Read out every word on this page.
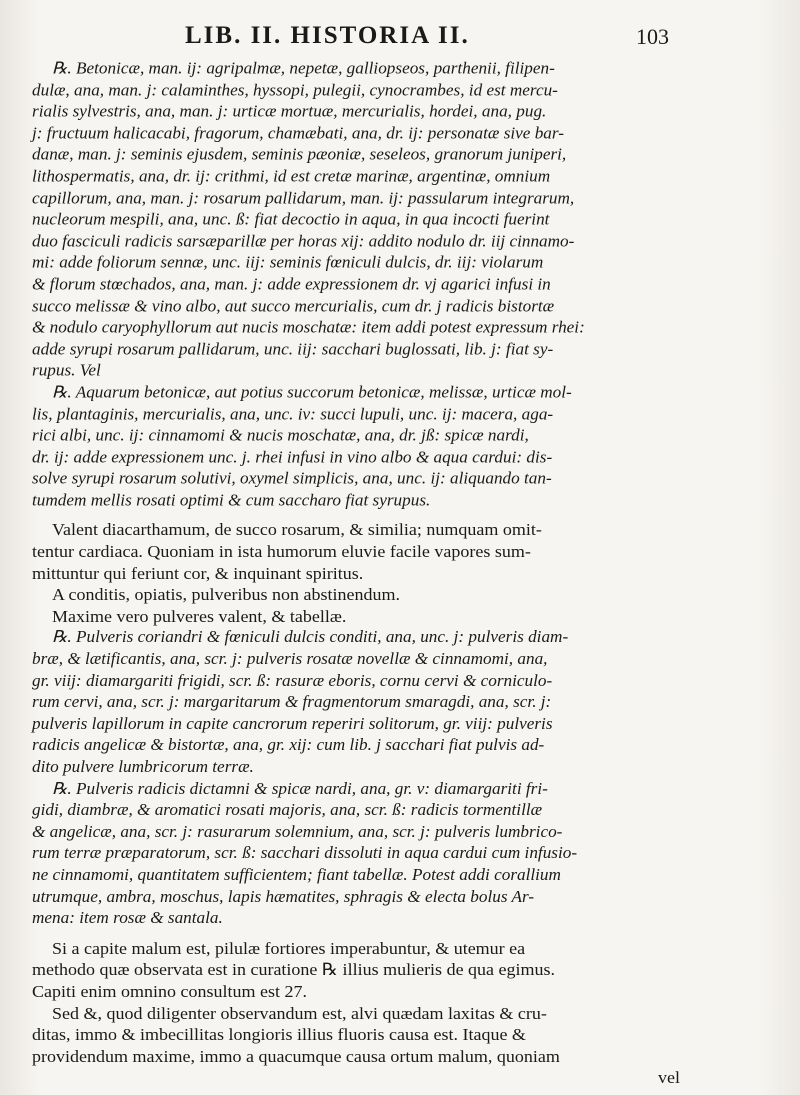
LIB. II. HISTORIA II.	103
℞. Betonicæ, man. ij: agripalmæ, nepetæ, galliopseos, parthenii, filipen-
dulæ, ana, man. j: calaminthes, hyssopi, pulegii, cynocrambes, id est mercu-
rialis sylvestris, ana, man. j: urticæ mortuæ, mercurialis, hordei, ana, pug.
j: fructuum halicacabi, fragorum, chamæbati, ana, dr. ij: personatæ sive bar-
danæ, man. j: seminis ejusdem, seminis pæoniæ, seseleos, granorum juniperi,
lithospermatis, ana, dr. ij: crithmi, id est cretæ marinæ, argentinæ, omnium
capillorum, ana, man. j: rosarum pallidarum, man. ij: passularum integrarum,
nucleorum mespili, ana, unc. ß: fiat decoctio in aqua, in qua incocti fuerint
duo fasciculi radicis sarsæparillæ per horas xij: addito nodulo dr. iij cinnamo-
mi: adde foliorum sennæ, unc. iij: seminis fœniculi dulcis, dr. iij: violarum
& florum stœchados, ana, man. j: adde expressionem dr. vj agarici infusi in
succo melissæ & vino albo, aut succo mercurialis, cum dr. j radicis bistortæ
& nodulo caryophyllorum aut nucis moschatæ: item addi potest expressum rhei:
adde syrupi rosarum pallidarum, unc. iij: sacchari buglossati, lib. j: fiat sy-
rupus. Vel
℞. Aquarum betonicæ, aut potius succorum betonicæ, melissæ, urticæ mol-
lis, plantaginis, mercurialis, ana, unc. iv: succi lupuli, unc. ij: macera, aga-
rici albi, unc. ij: cinnamomi & nucis moschatæ, ana, dr. jß: spicæ nardi,
dr. ij: adde expressionem unc. j. rhei infusi in vino albo & aqua cardui: dis-
solve syrupi rosarum solutivi, oxymel simplicis, ana, unc. ij: aliquando tan-
tumdem mellis rosati optimi & cum saccharo fiat syrupus.
Valent diacarthamum, de succo rosarum, & similia; numquam omit-
tentur cardiaca. Quoniam in ista humorum eluvie facile vapores sum-
mittuntur qui feriunt cor, & inquinant spiritus.
A conditis, opiatis, pulveribus non abstinendum.
Maxime vero pulveres valent, & tabellæ.
℞. Pulveris coriandri & fœniculi dulcis conditi, ana, unc. j: pulveris diam-
bræ, & lætificantis, ana, scr. j: pulveris rosatæ novellæ & cinnamomi, ana,
gr. viij: diamargariti frigidi, scr. ß: rasuræ eboris, cornu cervi & corniculo-
rum cervi, ana, scr. j: margaritarum & fragmentorum smaragdi, ana, scr. j:
pulveris lapillorum in capite cancrorum reperiri solitorum, gr. viij: pulveris
radicis angelicæ & bistortæ, ana, gr. xij: cum lib. j sacchari fiat pulvis ad-
dito pulvere lumbricorum terræ.
℞. Pulveris radicis dictamni & spicæ nardi, ana, gr. v: diamargariti fri-
gidi, diambræ, & aromatici rosati majoris, ana, scr. ß: radicis tormentillæ
& angelicæ, ana, scr. j: rasurarum solemnium, ana, scr. j: pulveris lumbrico-
rum terræ præparatorum, scr. ß: sacchari dissoluti in aqua cardui cum infusio-
ne cinnamomi, quantitatem sufficientem; fiant tabellæ. Potest addi corallium
utrumque, ambra, moschus, lapis hæmatites, sphragis & electa bolus Ar-
mena: item rosæ & santala.
Si a capite malum est, pilulæ fortiores imperabuntur, & utemur ea
methodo quæ observata est in curatione ℞ illius mulieris de qua egimus.
Capiti enim omnino consultum est 27.
Sed &, quod diligenter observandum est, alvi quædam laxitas & cru-
ditas, immo & imbecillitas longioris illius fluoris causa est. Itaque &
providendum maxime, immo a quacumque causa ortum malum, quoniam
vel
